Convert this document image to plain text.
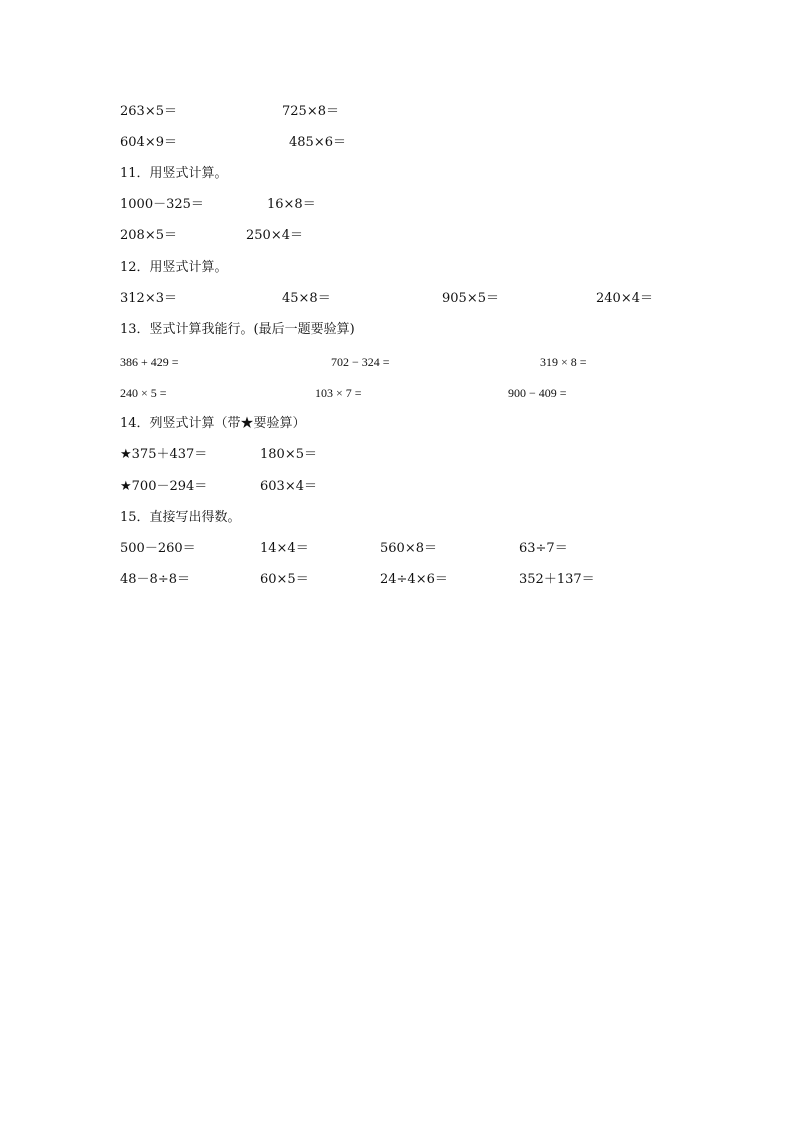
263×5＝	725×8＝
604×9＝	485×6＝
11．用竖式计算。
1000－325＝	16×8＝
208×5＝	250×4＝
12．用竖式计算。
312×3＝	45×8＝	905×5＝	240×4＝
13．竖式计算我能行。(最后一题要验算)
386 + 429 =	702 − 324 =	319 × 8 =
240 × 5 =	103 × 7 =	900 − 409 =
14．列竖式计算（带★要验算）
★375＋437＝	180×5＝
★700－294＝	603×4＝
15．直接写出得数。
500－260＝	14×4＝	560×8＝	63÷7＝
48－8÷8＝	60×5＝	24÷4×6＝	352＋137＝
